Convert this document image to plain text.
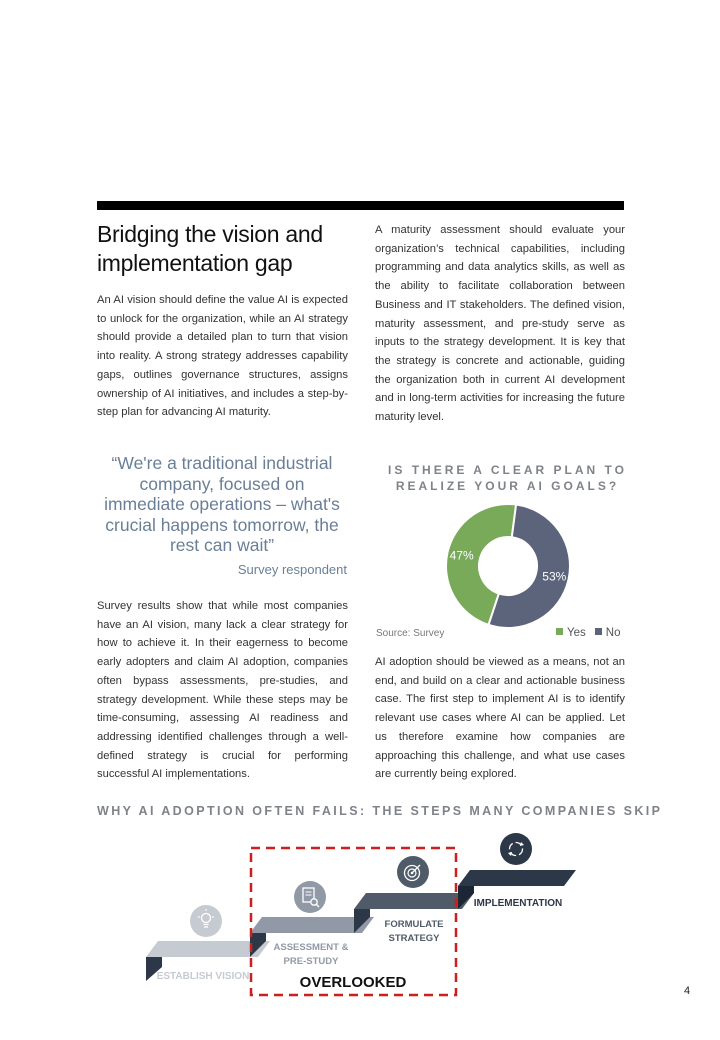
Bridging the vision and implementation gap

An AI vision should define the value AI is expected to unlock for the organization, while an AI strategy should provide a detailed plan to turn that vision into reality. A strong strategy addresses capability gaps, outlines governance structures, assigns ownership of AI initiatives, and includes a step-by-step plan for advancing AI maturity.

A maturity assessment should evaluate your organization’s technical capabilities, including programming and data analytics skills, as well as the ability to facilitate collaboration between Business and IT stakeholders. The defined vision, maturity assessment, and pre-study serve as inputs to the strategy development. It is key that the strategy is concrete and actionable, guiding the organization both in current AI development and in long-term activities for increasing the future maturity level.

“We're a traditional industrial company, focused on immediate operations – what's crucial happens tomorrow, the rest can wait”
Survey respondent

Survey results show that while most companies have an AI vision, many lack a clear strategy for how to achieve it. In their eagerness to become early adopters and claim AI adoption, companies often bypass assessments, pre-studies, and strategy development. While these steps may be time-consuming, assessing AI readiness and addressing identified challenges through a well-defined strategy is crucial for performing successful AI implementations.

IS THERE A CLEAR PLAN TO REALIZE YOUR AI GOALS?
47%
53%
Source: Survey	Yes	No

AI adoption should be viewed as a means, not an end, and build on a clear and actionable business case. The first step to implement AI is to identify relevant use cases where AI can be applied. Let us therefore examine how companies are approaching this challenge, and what use cases are currently being explored.

WHY AI ADOPTION OFTEN FAILS: THE STEPS MANY COMPANIES SKIP
ESTABLISH VISION
ASSESSMENT &
PRE-STUDY
FORMULATE
STRATEGY
IMPLEMENTATION
OVERLOOKED	4
